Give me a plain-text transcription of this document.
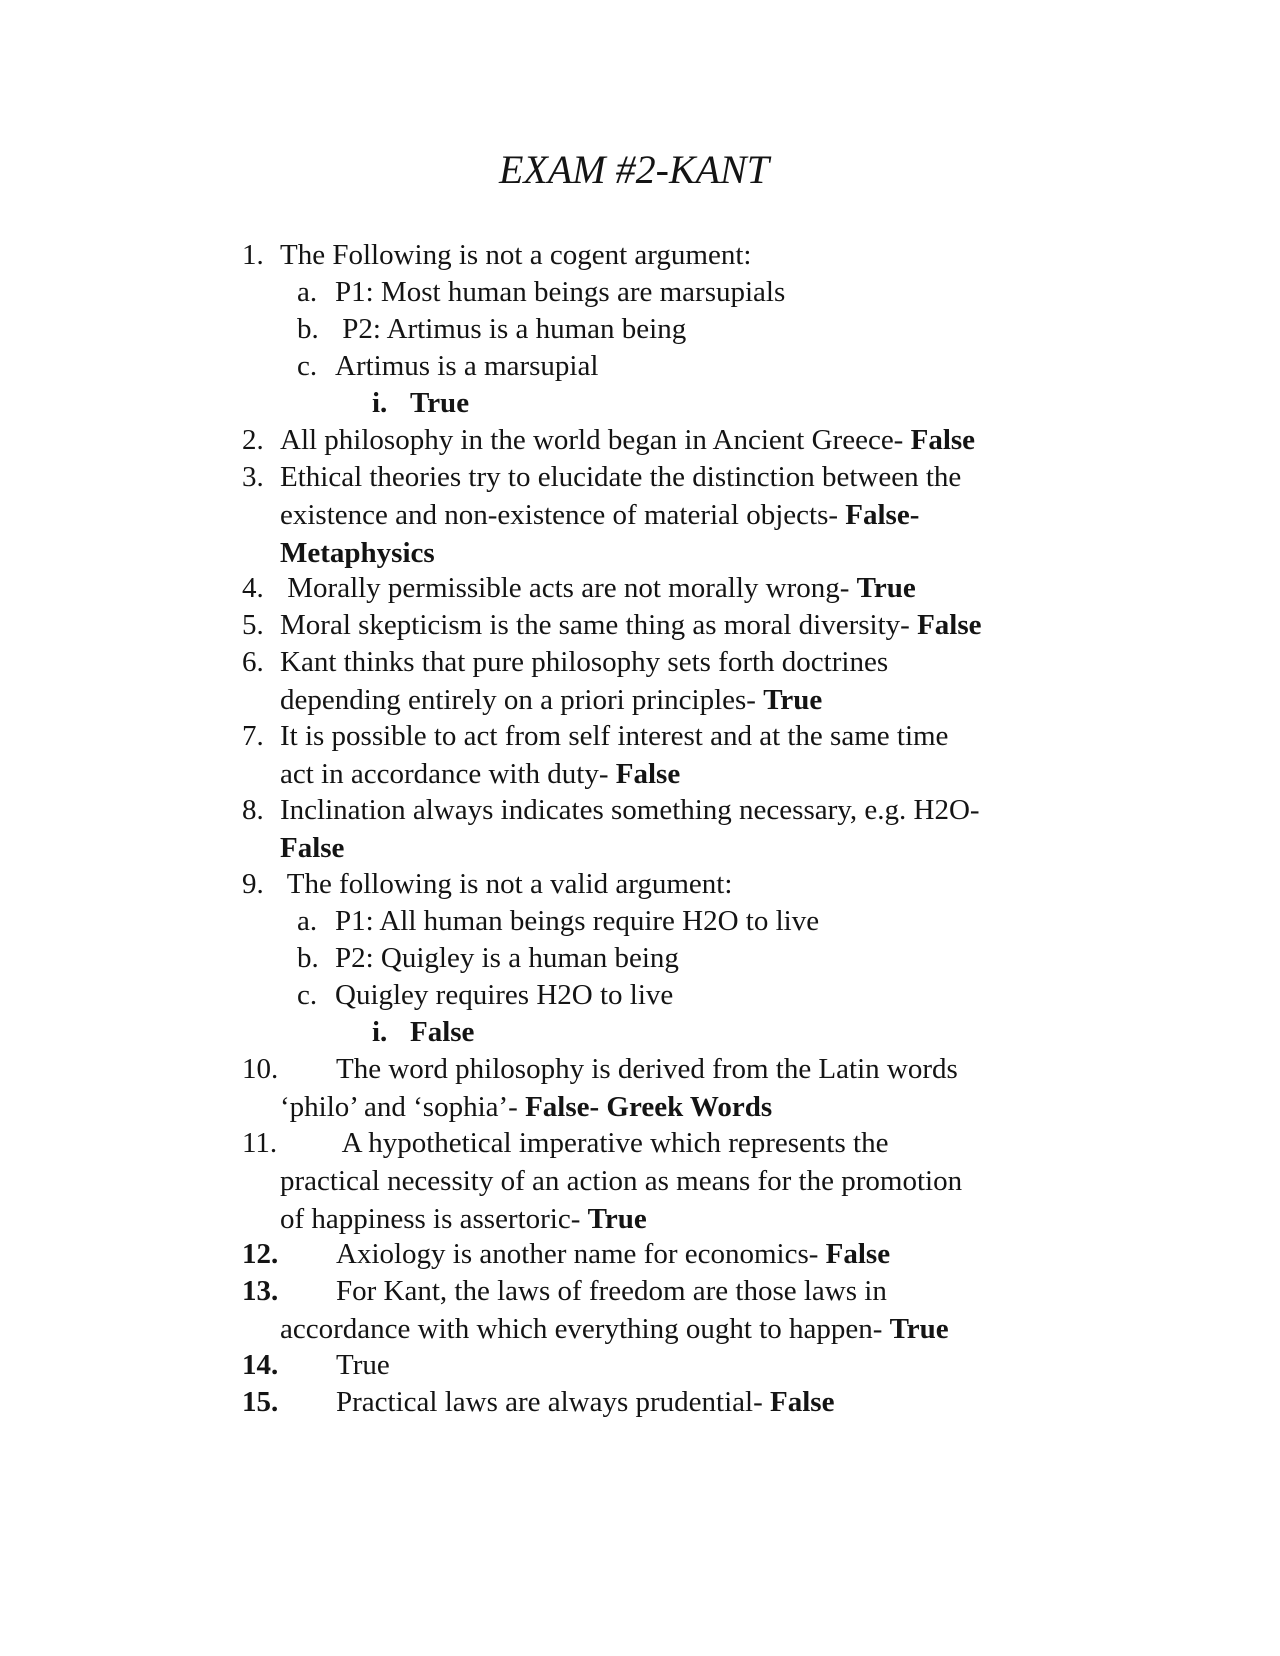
EXAM #2-KANT
1. The Following is not a cogent argument:
a. P1: Most human beings are marsupials
b. P2: Artimus is a human being
c. Artimus is a marsupial
i. True
2. All philosophy in the world began in Ancient Greece- False
3. Ethical theories try to elucidate the distinction between the
existence and non-existence of material objects- False-
Metaphysics
4. Morally permissible acts are not morally wrong- True
5. Moral skepticism is the same thing as moral diversity- False
6. Kant thinks that pure philosophy sets forth doctrines
depending entirely on a priori principles- True
7. It is possible to act from self interest and at the same time
act in accordance with duty- False
8. Inclination always indicates something necessary, e.g. H2O-
False
9. The following is not a valid argument:
a. P1: All human beings require H2O to live
b. P2: Quigley is a human being
c. Quigley requires H2O to live
i. False
10.	The word philosophy is derived from the Latin words
‘philo’ and ‘sophia’- False- Greek Words
11.	A hypothetical imperative which represents the
practical necessity of an action as means for the promotion
of happiness is assertoric- True
12.	Axiology is another name for economics- False
13.	For Kant, the laws of freedom are those laws in
accordance with which everything ought to happen- True
14.	True
15.	Practical laws are always prudential- False
